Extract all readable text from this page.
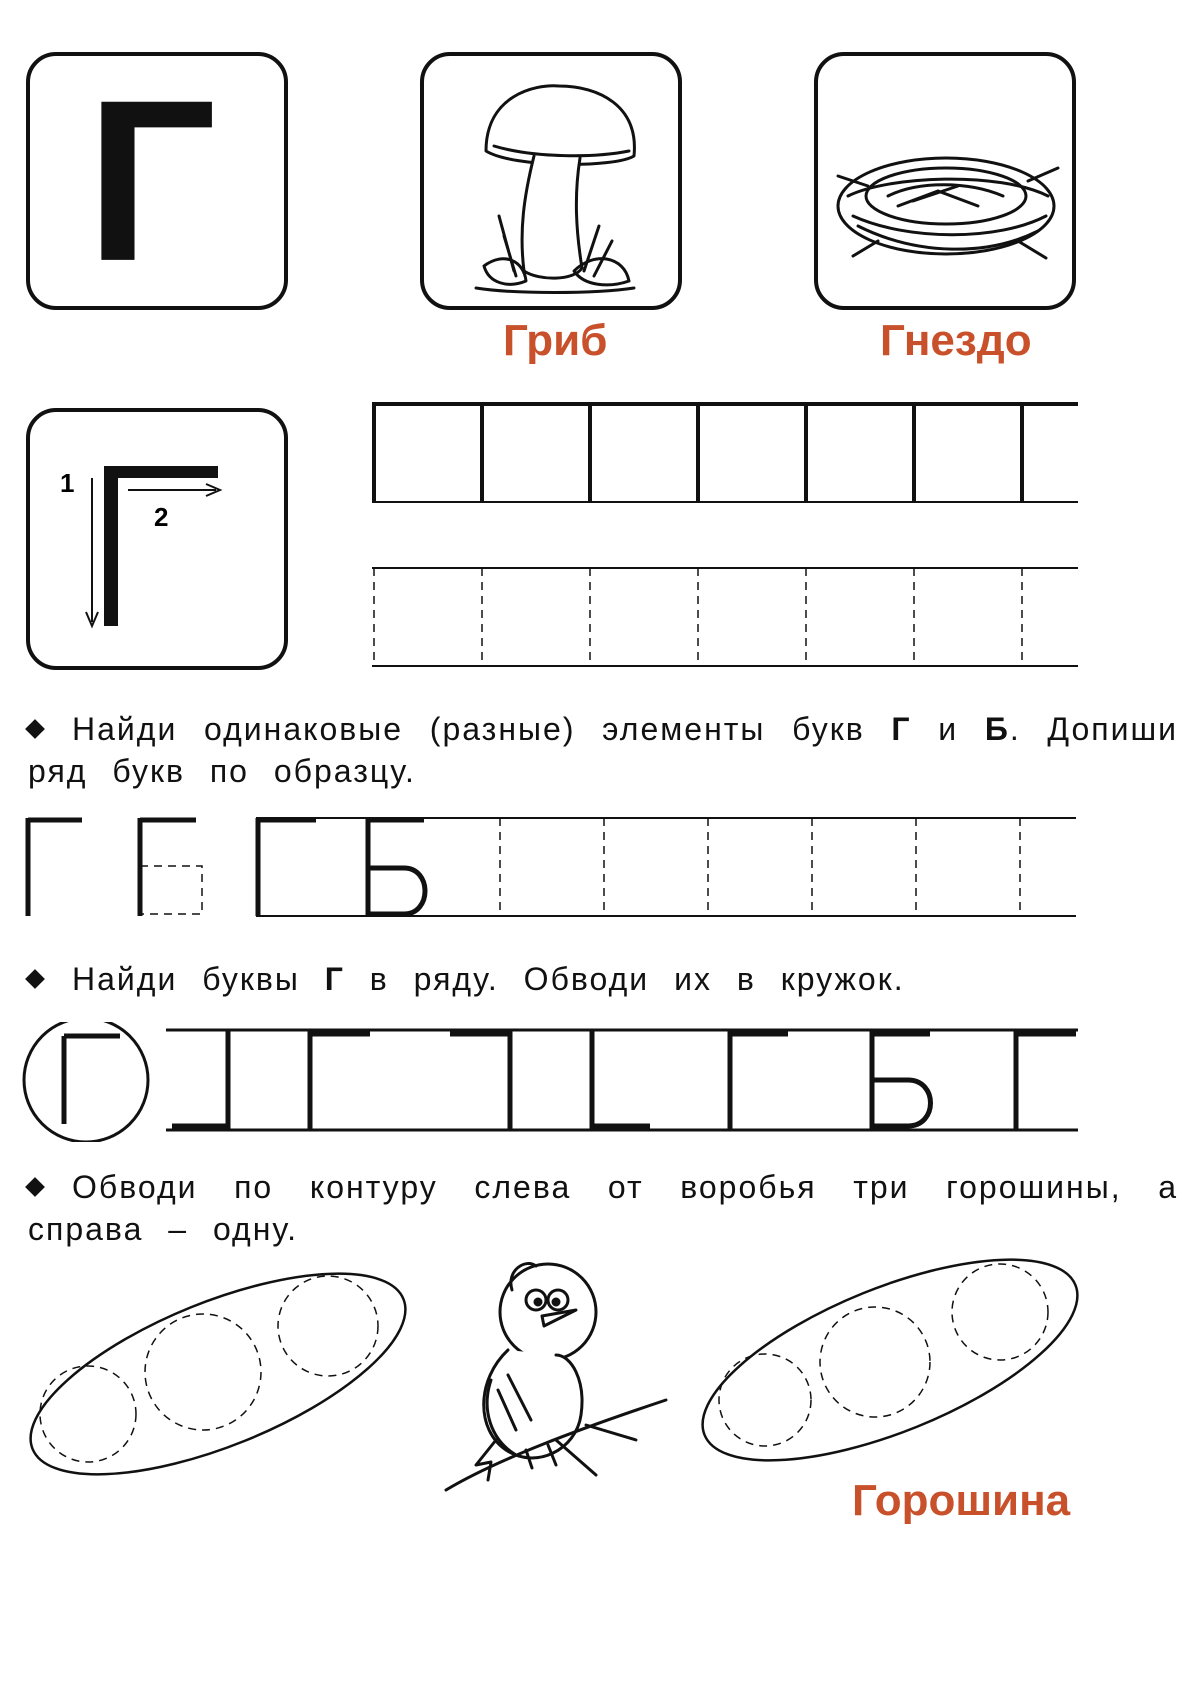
Г
Гриб	Гнездо
1
2
Найди одинаковые (разные) элементы букв Г и Б. Допиши ряд букв по образцу.
Найди буквы Г в ряду. Обводи их в кружок.
Обводи по контуру слева от воробья три горошины, а справа – одну.
Горошина
